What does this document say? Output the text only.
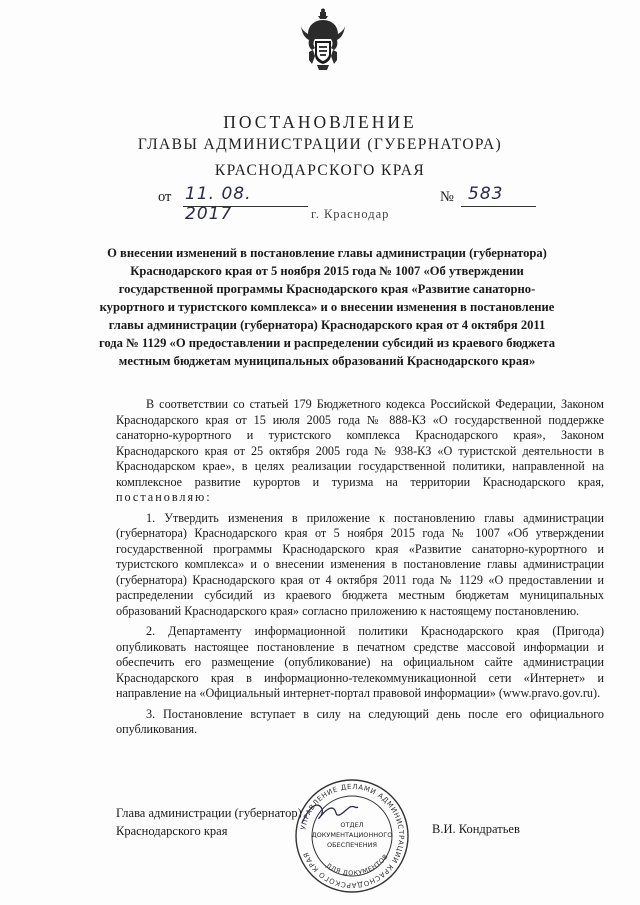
ПОСТАНОВЛЕНИЕ
ГЛАВЫ АДМИНИСТРАЦИИ (ГУБЕРНАТОРА)
КРАСНОДАРСКОГО КРАЯ
от 11. 08. 2017
№ 583
г. Краснодар
О внесении изменений в постановление главы администрации (губернатора) Краснодарского края от 5 ноября 2015 года № 1007 «Об утверждении государственной программы Краснодарского края «Развитие санаторно-курортного и туристского комплекса» и о внесении изменения в постановление главы администрации (губернатора) Краснодарского края от 4 октября 2011 года № 1129 «О предоставлении и распределении субсидий из краевого бюджета местным бюджетам муниципальных образований Краснодарского края»

В соответствии со статьей 179 Бюджетного кодекса Российской Федерации, Законом Краснодарского края от 15 июля 2005 года № 888-КЗ «О государственной поддержке санаторно-курортного и туристского комплекса Краснодарского края», Законом Краснодарского края от 25 октября 2005 года № 938-КЗ «О туристской деятельности в Краснодарском крае», в целях реализации государственной политики, направленной на комплексное развитие курортов и туризма на территории Краснодарского края, постановляю:

1. Утвердить изменения в приложение к постановлению главы администрации (губернатора) Краснодарского края от 5 ноября 2015 года № 1007 «Об утверждении государственной программы Краснодарского края «Развитие санаторно-курортного и туристского комплекса» и о внесении изменения в постановление главы администрации (губернатора) Краснодарского края от 4 октября 2011 года № 1129 «О предоставлении и распределении субсидий из краевого бюджета местным бюджетам муниципальных образований Краснодарского края» согласно приложению к настоящему постановлению.

2. Департаменту информационной политики Краснодарского края (Пригода) опубликовать настоящее постановление в печатном средстве массовой информации и обеспечить его размещение (опубликование) на официальном сайте администрации Краснодарского края в информационно-телекоммуникационной сети «Интернет» и направление на «Официальный интернет-портал правовой информации» (www.pravo.gov.ru).

3. Постановление вступает в силу на следующий день после его официального опубликования.

Глава администрации (губернатор)
Краснодарского края	В.И. Кондратьев
УПРАВЛЕНИЕ ДЕЛАМИ АДМИНИСТРАЦИИ КРАСНОДАРСКОГО КРАЯ
ДЛЯ ДОКУМЕНТОВ
ОТДЕЛ
ДОКУМЕНТАЦИОННОГО
ОБЕСПЕЧЕНИЯ
